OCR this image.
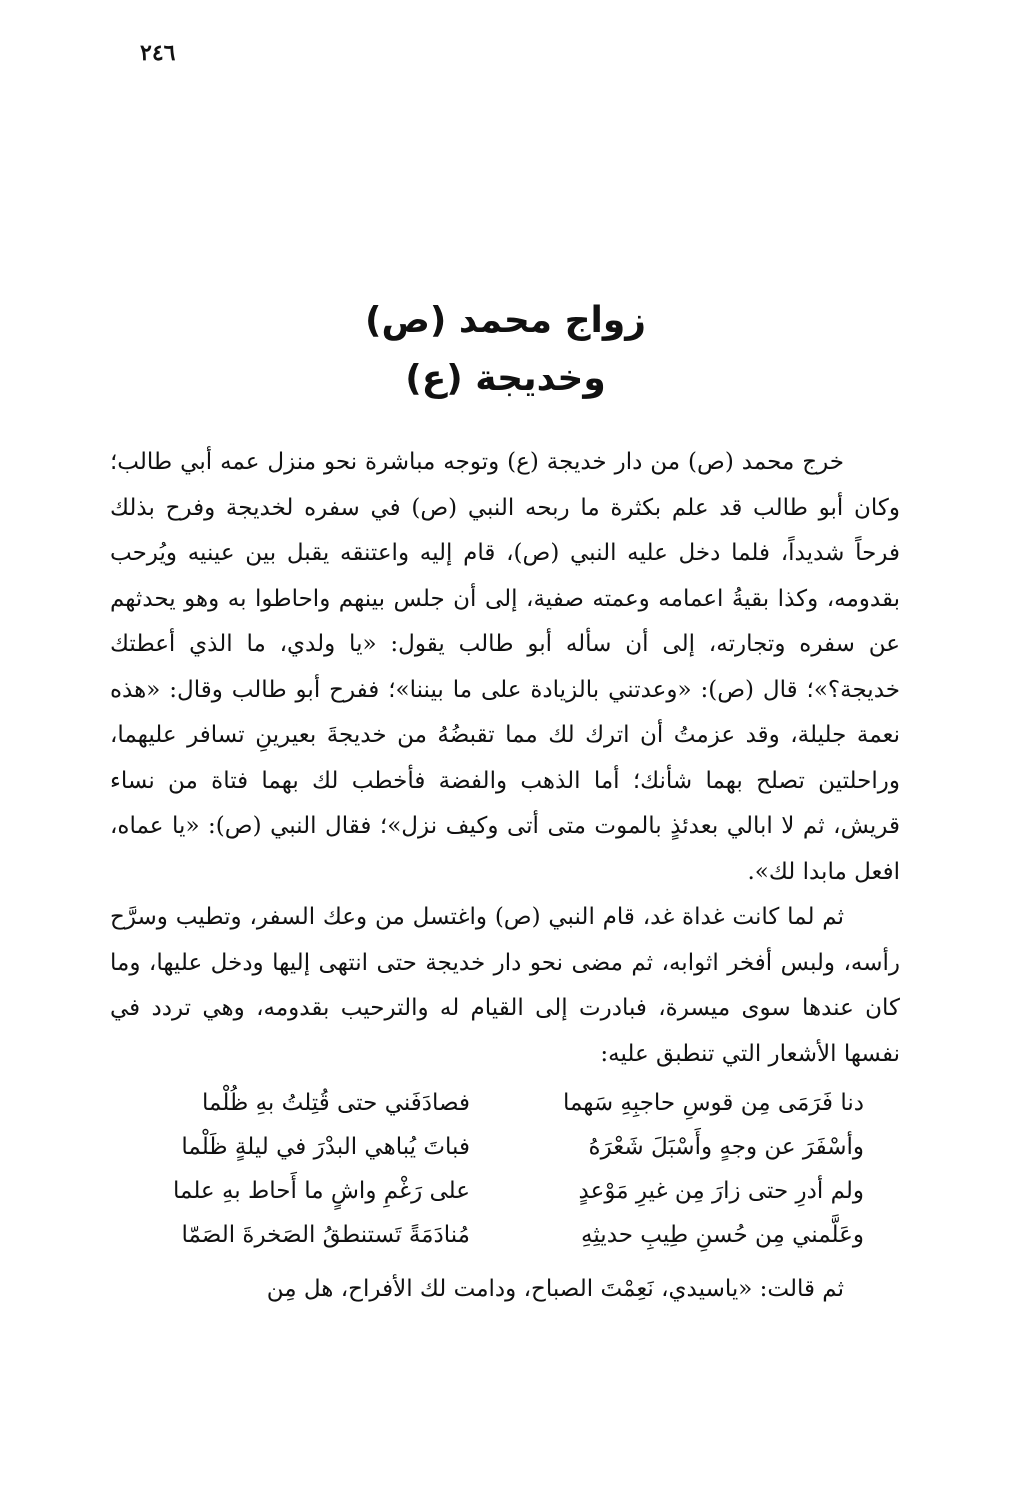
٢٤٦
زواج محمد (ص)
وخديجة (ع)

خرج محمد (ص) من دار خديجة (ع) وتوجه مباشرة نحو منزل عمه أبي طالب؛ وكان أبو طالب قد علم بكثرة ما ربحه النبي (ص) في سفره لخديجة وفرح بذلك فرحاً شديداً، فلما دخل عليه النبي (ص)، قام إليه واعتنقه يقبل بين عينيه ويُرحب بقدومه، وكذا بقيةُ اعمامه وعمته صفية، إلى أن جلس بينهم واحاطوا به وهو يحدثهم عن سفره وتجارته، إلى أن سأله أبو طالب يقول: «يا ولدي، ما الذي أعطتك خديجة؟»؛ قال (ص): «وعدتني بالزيادة على ما بيننا»؛ ففرح أبو طالب وقال: «هذه نعمة جليلة، وقد عزمتُ أن اترك لك مما تقبضُهُ من خديجةَ بعيرينِ تسافر عليهما، وراحلتين تصلح بهما شأنك؛ أما الذهب والفضة فأخطب لك بهما فتاة من نساء قريش، ثم لا ابالي بعدئذٍ بالموت متى أتى وكيف نزل»؛ فقال النبي (ص): «يا عماه، افعل مابدا لك».

ثم لما كانت غداة غد، قام النبي (ص) واغتسل من وعك السفر، وتطيب وسرَّح رأسه، ولبس أفخر اثوابه، ثم مضى نحو دار خديجة حتى انتهى إليها ودخل عليها، وما كان عندها سوى ميسرة، فبادرت إلى القيام له والترحيب بقدومه، وهي تردد في نفسها الأشعار التي تنطبق عليه:

دنا فَرَمَى مِن قوسِ حاجبِهِ سَهما
فصادَفَني حتى قُتِلتُ بهِ ظُلْما
وأسْفَرَ عن وجهٍ وأَسْبَلَ شَعْرَهُ
فباتَ يُباهي البدْرَ في ليلةٍ ظَلْما
ولم أدرِ حتى زارَ مِن غيرِ مَوْعدٍ
على رَغْمِ واشٍ ما أَحاط بهِ علما
وعَلَّمني مِن حُسنِ طِيبِ حديثِهِ
مُنادَمَةً تَستنطقُ الصَخرةَ الصَمّا

ثم قالت: «ياسيدي، نَعِمْتَ الصباح، ودامت لك الأفراح، هل مِن
